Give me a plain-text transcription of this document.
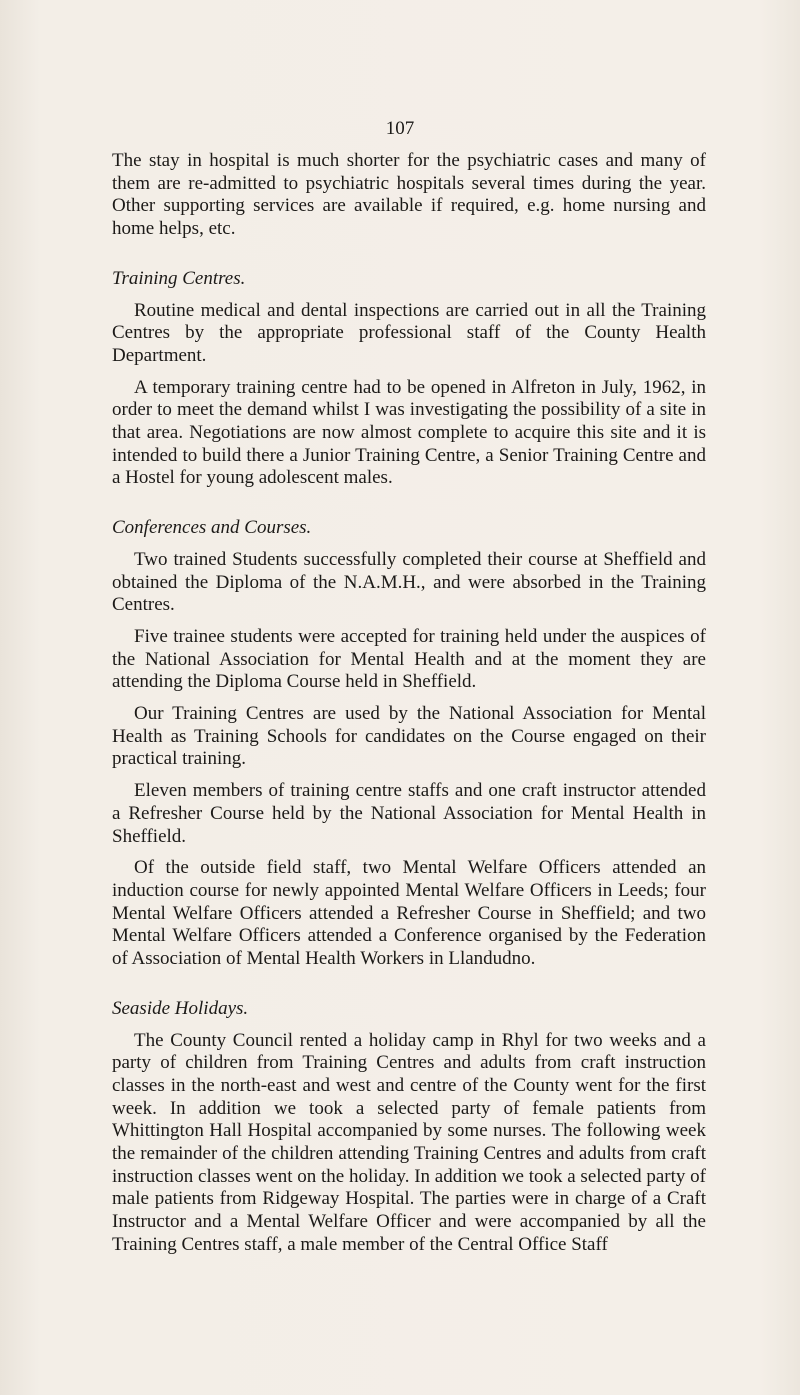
107

The stay in hospital is much shorter for the psychiatric cases and many of them are re-admitted to psychiatric hospitals several times during the year. Other supporting services are available if required, e.g. home nursing and home helps, etc.

Training Centres.

Routine medical and dental inspections are carried out in all the Training Centres by the appropriate professional staff of the County Health Department.

A temporary training centre had to be opened in Alfreton in July, 1962, in order to meet the demand whilst I was investigating the possibility of a site in that area. Negotiations are now almost complete to acquire this site and it is intended to build there a Junior Training Centre, a Senior Training Centre and a Hostel for young adolescent males.

Conferences and Courses.

Two trained Students successfully completed their course at Sheffield and obtained the Diploma of the N.A.M.H., and were absorbed in the Training Centres.

Five trainee students were accepted for training held under the auspices of the National Association for Mental Health and at the moment they are attending the Diploma Course held in Sheffield.

Our Training Centres are used by the National Association for Mental Health as Training Schools for candidates on the Course engaged on their practical training.

Eleven members of training centre staffs and one craft instructor attended a Refresher Course held by the National Association for Mental Health in Sheffield.

Of the outside field staff, two Mental Welfare Officers attended an induction course for newly appointed Mental Welfare Officers in Leeds; four Mental Welfare Officers attended a Refresher Course in Sheffield; and two Mental Welfare Officers attended a Conference organised by the Federation of Association of Mental Health Workers in Llandudno.

Seaside Holidays.

The County Council rented a holiday camp in Rhyl for two weeks and a party of children from Training Centres and adults from craft instruction classes in the north-east and west and centre of the County went for the first week. In addition we took a selected party of female patients from Whittington Hall Hospital accompanied by some nurses. The following week the remainder of the children attending Training Centres and adults from craft instruction classes went on the holiday. In addition we took a selected party of male patients from Ridgeway Hospital. The parties were in charge of a Craft Instructor and a Mental Welfare Officer and were accompanied by all the Training Centres staff, a male member of the Central Office Staff
